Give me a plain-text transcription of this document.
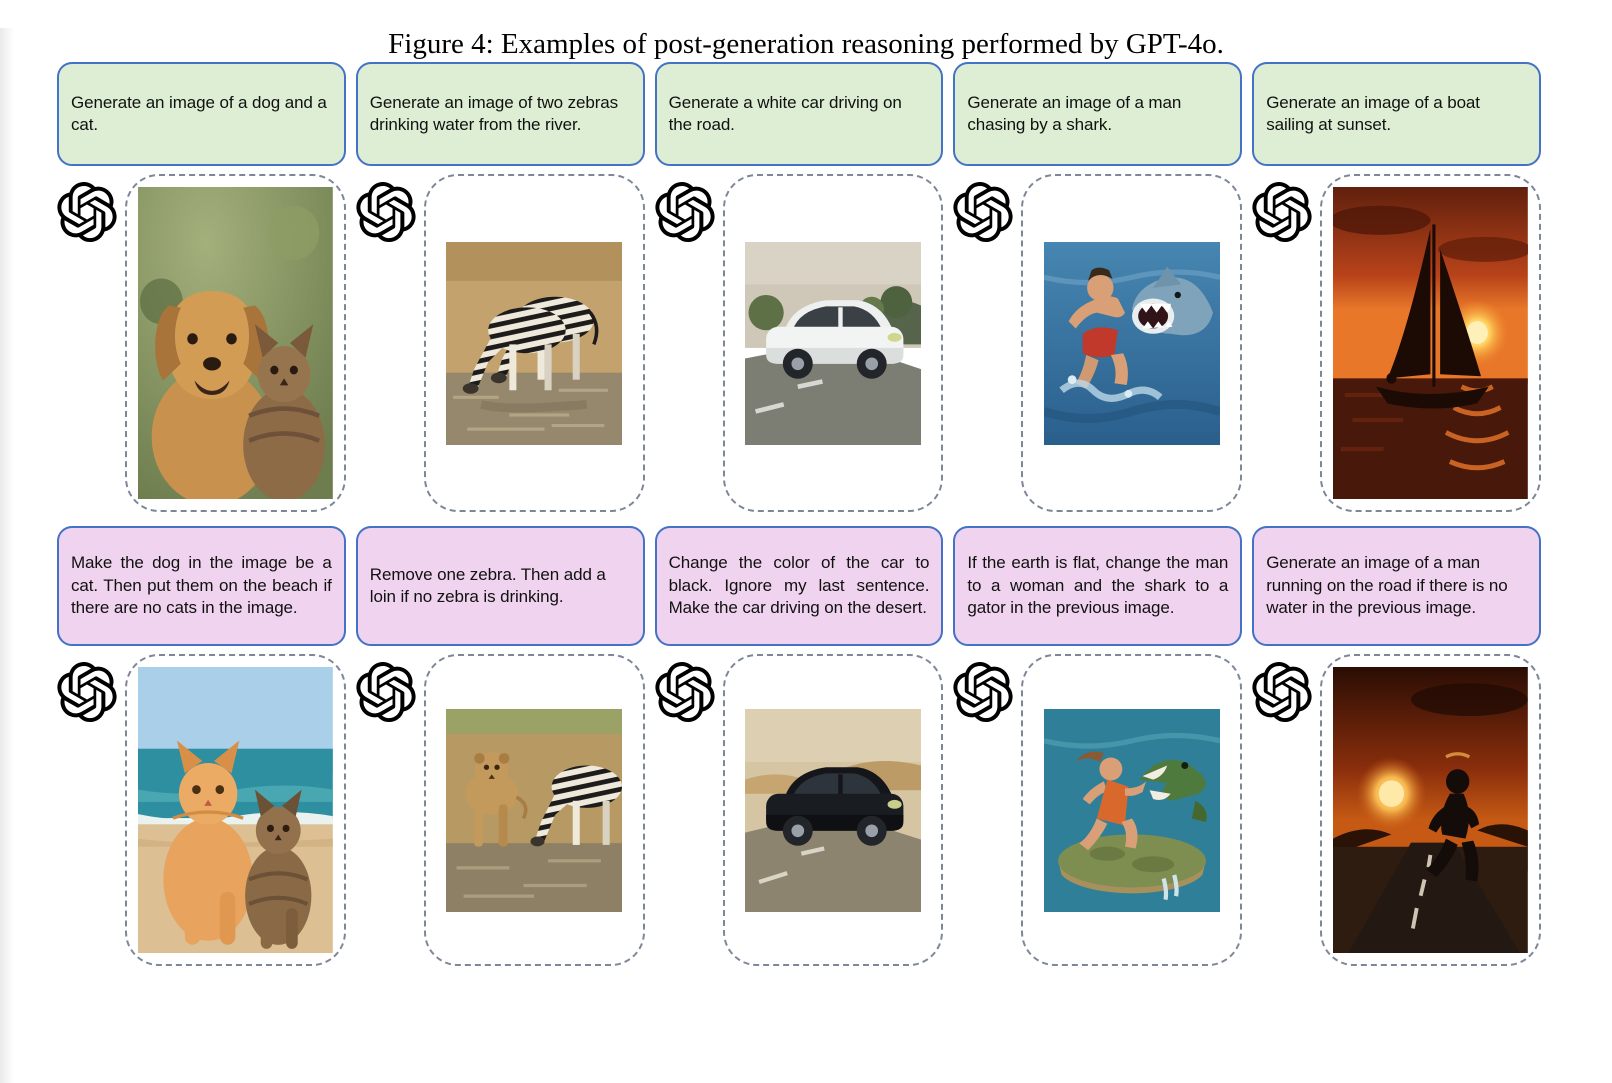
Generate an image of a dog and a cat.

Make the dog in the image be a cat. Then put them on the beach if there are no cats in the image.

Generate an image of two zebras drinking water from the river.

Remove one zebra. Then add a loin if no zebra is drinking.

Generate a white car driving on the road.

Change the color of the car to black. Ignore my last sentence. Make the car driving on the desert.

Generate an image of a man chasing by a shark.

If the earth is flat, change the man to a woman and the shark to a gator in the previous image.

Generate an image of a boat sailing at sunset.

Generate an image of a man running on the road if there is no water in the previous image.

Figure 4: Examples of post-generation reasoning performed by GPT-4o.
